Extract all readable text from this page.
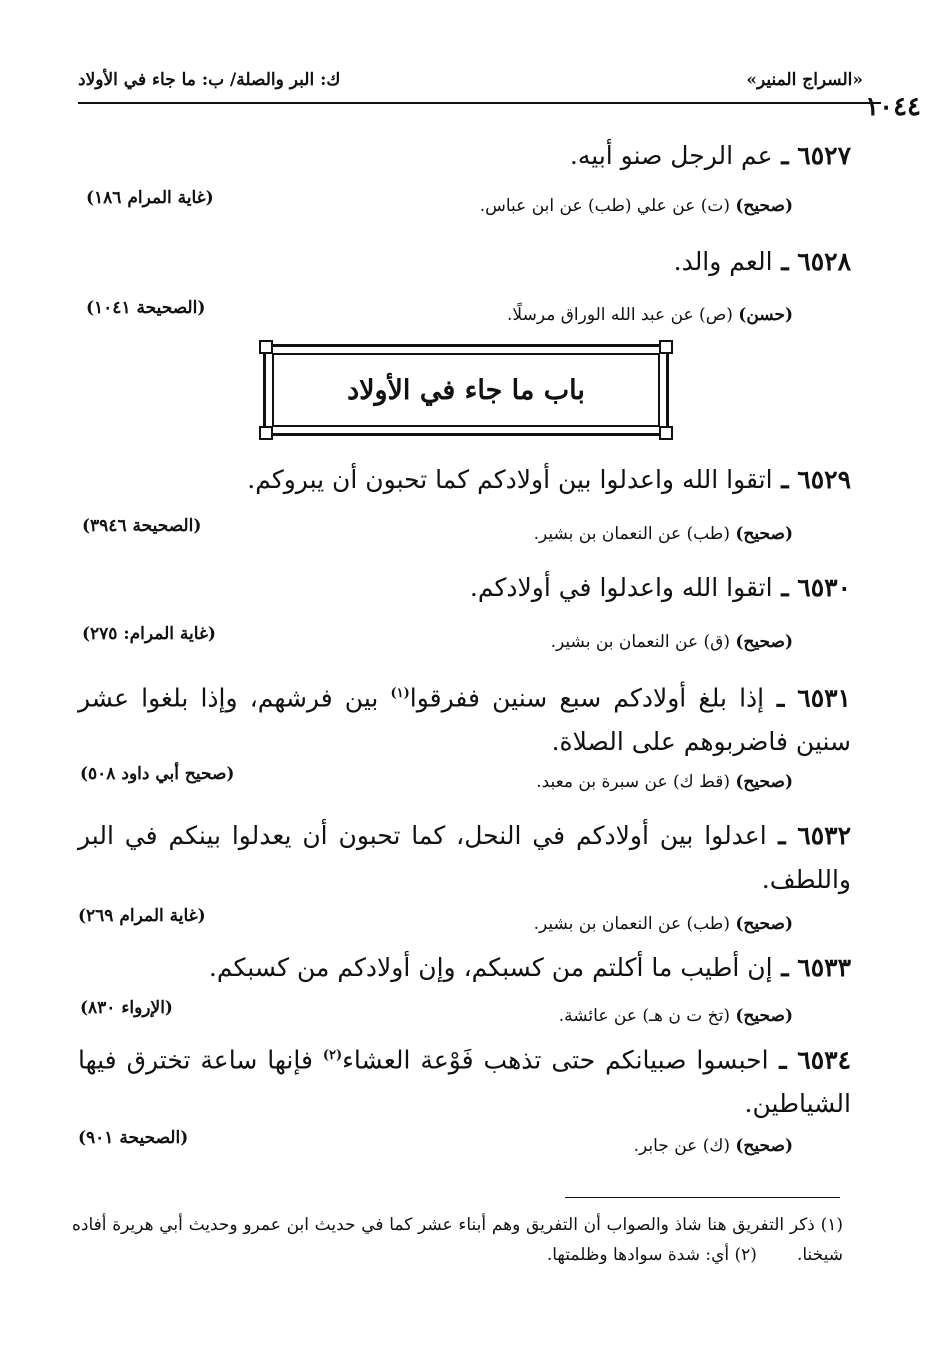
«السراج المنير»
ك: البر والصلة/ ب: ما جاء في الأولاد
١٠٤٤
٦٥٢٧ ـ عم الرجل صنو أبيه.
(صحيح) (ت) عن علي (طب) عن ابن عباس.
(غاية المرام ١٨٦)
٦٥٢٨ ـ العم والد.
(حسن) (ص) عن عبد الله الوراق مرسلًا.
(الصحيحة ١٠٤١)
باب ما جاء في الأولاد
٦٥٢٩ ـ اتقوا الله واعدلوا بين أولادكم كما تحبون أن يبروكم.
(صحيح) (طب) عن النعمان بن بشير.
(الصحيحة ٣٩٤٦)
٦٥٣٠ ـ اتقوا الله واعدلوا في أولادكم.
(صحيح) (ق) عن النعمان بن بشير.
(غاية المرام: ٢٧٥)
٦٥٣١ ـ إذا بلغ أولادكم سبع سنين ففرقوا$^{(١)}$ بين فرشهم، وإذا بلغوا عشر سنين فاضربوهم على الصلاة.
(صحيح) (قط ك) عن سبرة بن معبد.
(صحيح أبي داود ٥٠٨)
٦٥٣٢ ـ اعدلوا بين أولادكم في النحل، كما تحبون أن يعدلوا بينكم في البر واللطف.
(صحيح) (طب) عن النعمان بن بشير.
(غاية المرام ٢٦٩)
٦٥٣٣ ـ إن أطيب ما أكلتم من كسبكم، وإن أولادكم من كسبكم.
(صحيح) (تخ ت ن هـ) عن عائشة.
(الإرواء ٨٣٠)
٦٥٣٤ ـ احبسوا صبيانكم حتى تذهب فَوْعة العشاء$^{(٢)}$ فإنها ساعة تخترق فيها الشياطين.
(صحيح) (ك) عن جابر.
(الصحيحة ٩٠١)
(١) ذكر التفريق هنا شاذ والصواب أن التفريق وهم أبناء عشر كما في حديث ابن عمرو وحديث أبي هريرة أفاده شيخنا.(٢) أي: شدة سوادها وظلمتها.
